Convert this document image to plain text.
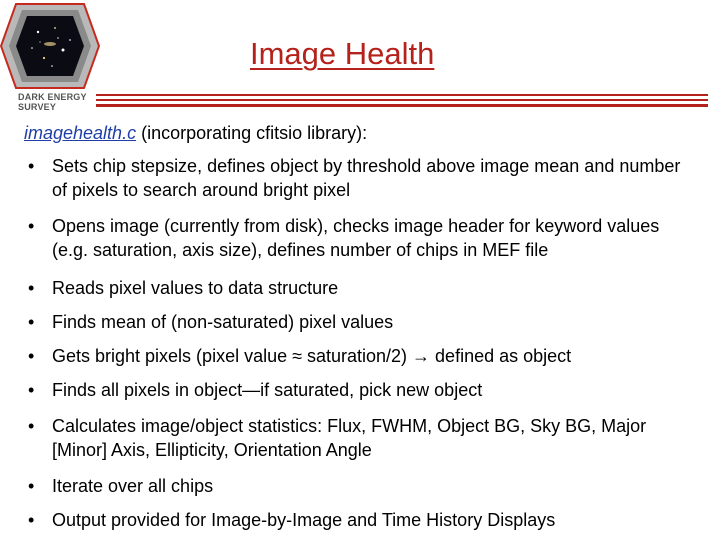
DARK ENERGY
SURVEY
Image Health
imagehealth.c (incorporating cfitsio library):
• Sets chip stepsize, defines object by threshold above image mean and number of pixels to search around bright pixel
• Opens image (currently from disk), checks image header for keyword values (e.g. saturation, axis size), defines number of chips in MEF file
• Reads pixel values to data structure
• Finds mean of (non-saturated) pixel values
• Gets bright pixels (pixel value ≈ saturation/2) → defined as object
• Finds all pixels in object—if saturated, pick new object
• Calculates image/object statistics: Flux, FWHM, Object BG, Sky BG, Major [Minor] Axis, Ellipticity, Orientation Angle
• Iterate over all chips
• Output provided for Image-by-Image and Time History Displays
